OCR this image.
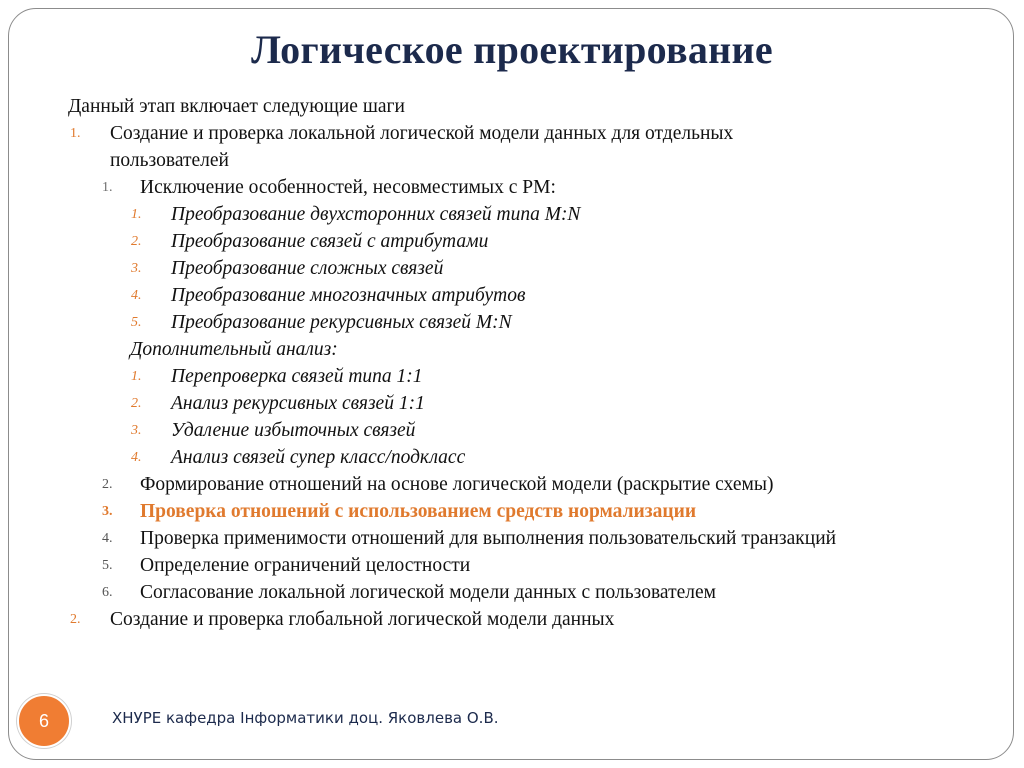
Логическое проектирование
Данный этап включает следующие шаги
1. Создание и проверка локальной логической модели данных для отдельных
пользователей
1. Исключение особенностей, несовместимых с РМ:
1. Преобразование двухсторонних связей типа M:N
2. Преобразование связей с атрибутами
3. Преобразование сложных связей
4. Преобразование многозначных атрибутов
5. Преобразование рекурсивных связей M:N
Дополнительный анализ:
1. Перепроверка связей типа 1:1
2. Анализ рекурсивных связей 1:1
3. Удаление избыточных связей
4. Анализ связей супер класс/подкласс
2. Формирование отношений на основе логической модели (раскрытие схемы)
3. Проверка отношений с использованием средств нормализации
4. Проверка применимости отношений для выполнения пользовательский транзакций
5. Определение ограничений целостности
6. Согласование локальной логической модели данных с пользователем
2. Создание и проверка глобальной логической модели данных
6	ХНУРЕ кафедра Інформатики доц. Яковлева О.В.
